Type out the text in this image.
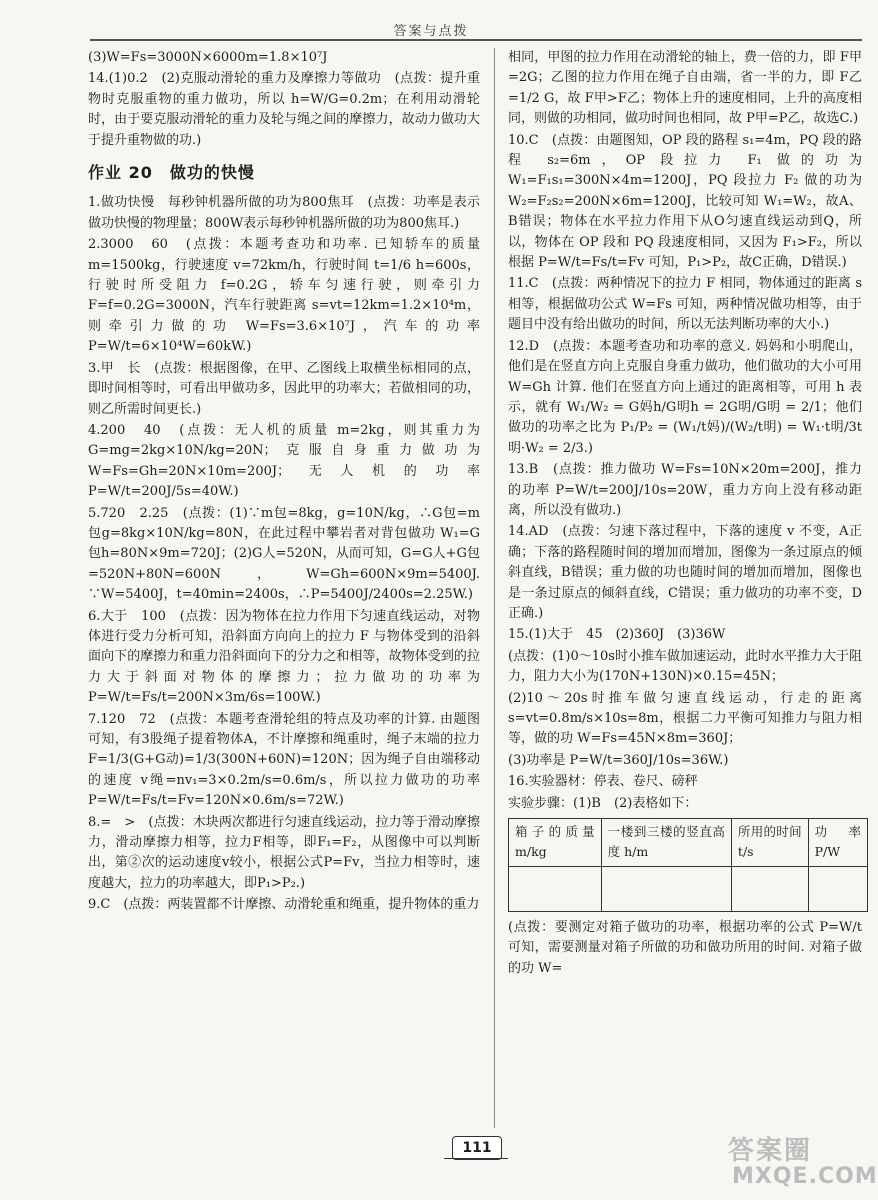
答案与点拨
(3)W=Fs=3000N×6000m=1.8×10⁷J
14.(1)0.2　(2)克服动滑轮的重力及摩擦力等做功　(点拨：提升重物时克服重物的重力做功，所以 h=W/G=0.2m；在利用动滑轮时，由于要克服动滑轮的重力及轮与绳之间的摩擦力，故动力做功大于提升重物做的功.)
作业 20　做功的快慢
1.做功快慢　每秒钟机器所做的功为800焦耳　(点拨：功率是表示做功快慢的物理量；800W表示每秒钟机器所做的功为800焦耳.)
2.3000　60　(点拨：本题考查功和功率. 已知轿车的质量 m=1500kg，行驶速度 v=72km/h，行驶时间 t=1/6 h=600s，行驶时所受阻力 f=0.2G，轿车匀速行驶，则牵引力 F=f=0.2G=3000N，汽车行驶距离 s=vt=12km=1.2×10⁴m，则牵引力做的功 W=Fs=3.6×10⁷J，汽车的功率 P=W/t=6×10⁴W=60kW.)
3.甲　长　(点拨：根据图像，在甲、乙图线上取横坐标相同的点，即时间相等时，可看出甲做功多，因此甲的功率大；若做相同的功，则乙所需时间更长.)
4.200　40　(点拨：无人机的质量 m=2kg，则其重力为 G=mg=2kg×10N/kg=20N；克服自身重力做功为 W=Fs=Gh=20N×10m=200J；无人机的功率 P=W/t=200J/5s=40W.)
5.720　2.25　(点拨：(1)∵m包=8kg，g=10N/kg，∴G包=m包g=8kg×10N/kg=80N，在此过程中攀岩者对背包做功 W₁=G包h=80N×9m=720J；(2)G人=520N，从而可知，G=G人+G包=520N+80N=600N，W=Gh=600N×9m=5400J. ∵W=5400J，t=40min=2400s，∴P=5400J/2400s=2.25W.)
6.大于　100　(点拨：因为物体在拉力作用下匀速直线运动，对物体进行受力分析可知，沿斜面方向向上的拉力 F 与物体受到的沿斜面向下的摩擦力和重力沿斜面向下的分力之和相等，故物体受到的拉力大于斜面对物体的摩擦力；拉力做功的功率为 P=W/t=Fs/t=200N×3m/6s=100W.)
7.120　72　(点拨：本题考查滑轮组的特点及功率的计算. 由题图可知，有3股绳子提着物体A，不计摩擦和绳重时，绳子末端的拉力 F=1/3(G+G动)=1/3(300N+60N)=120N；因为绳子自由端移动的速度 v绳=nv₁=3×0.2m/s=0.6m/s，所以拉力做功的功率 P=W/t=Fs/t=Fv=120N×0.6m/s=72W.)
8.=　>　(点拨：木块两次都进行匀速直线运动，拉力等于滑动摩擦力，滑动摩擦力相等，拉力F相等，即F₁=F₂，从图像中可以判断出，第②次的运动速度v较小，根据公式P=Fv，当拉力相等时，速度越大，拉力的功率越大，即P₁>P₂.)
9.C　(点拨：两装置都不计摩擦、动滑轮重和绳重，提升物体的重力
相同，甲图的拉力作用在动滑轮的轴上，费一倍的力，即 F甲=2G；乙图的拉力作用在绳子自由端，省一半的力，即 F乙=1/2 G，故 F甲>F乙；物体上升的速度相同，上升的高度相同，则做的功相同，做功时间也相同，故 P甲=P乙，故选C.)
10.C　(点拨：由题图知，OP 段的路程 s₁=4m，PQ 段的路程 s₂=6m，OP 段拉力 F₁ 做的功为 W₁=F₁s₁=300N×4m=1200J，PQ 段拉力 F₂ 做的功为 W₂=F₂s₂=200N×6m=1200J，比较可知 W₁=W₂，故A、B错误；物体在水平拉力作用下从O匀速直线运动到Q，所以，物体在 OP 段和 PQ 段速度相同，又因为 F₁>F₂，所以根据 P=W/t=Fs/t=Fv 可知，P₁>P₂，故C正确，D错误.)
11.C　(点拨：两种情况下的拉力 F 相同，物体通过的距离 s 相等，根据做功公式 W=Fs 可知，两种情况做功相等，由于题目中没有给出做功的时间，所以无法判断功率的大小.)
12.D　(点拨：本题考查功和功率的意义. 妈妈和小明爬山，他们是在竖直方向上克服自身重力做功，他们做功的大小可用 W=Gh 计算. 他们在竖直方向上通过的距离相等，可用 h 表示，就有 W₁/W₂ = G妈h/G明h = 2G明/G明 = 2/1；他们做功的功率之比为 P₁/P₂ = (W₁/t妈)/(W₂/t明) = W₁·t明/3t明·W₂ = 2/3.)
13.B　(点拨：推力做功 W=Fs=10N×20m=200J，推力的功率 P=W/t=200J/10s=20W，重力方向上没有移动距离，所以没有做功.)
14.AD　(点拨：匀速下落过程中，下落的速度 v 不变，A正确；下落的路程随时间的增加而增加，图像为一条过原点的倾斜直线，B错误；重力做的功也随时间的增加而增加，图像也是一条过原点的倾斜直线，C错误；重力做功的功率不变，D正确.)
15.(1)大于　45　(2)360J　(3)36W
(点拨：(1)0～10s时小推车做加速运动，此时水平推力大于阻力，阻力大小为(170N+130N)×0.15=45N；
(2)10～20s时推车做匀速直线运动，行走的距离 s=vt=0.8m/s×10s=8m，根据二力平衡可知推力与阻力相等，做的功 W=Fs=45N×8m=360J；
(3)功率是 P=W/t=360J/10s=36W.)
16.实验器材：停表、卷尺、磅秤
实验步骤：(1)B　(2)表格如下：
箱子的质量 m/kg	一楼到三楼的竖直高度 h/m	所用的时间 t/s	功率 P/W

(点拨：要测定对箱子做功的功率，根据功率的公式 P=W/t 可知，需要测量对箱子所做的功和做功所用的时间. 对箱子做的功 W=
111	答案圈
MXQE.COM
